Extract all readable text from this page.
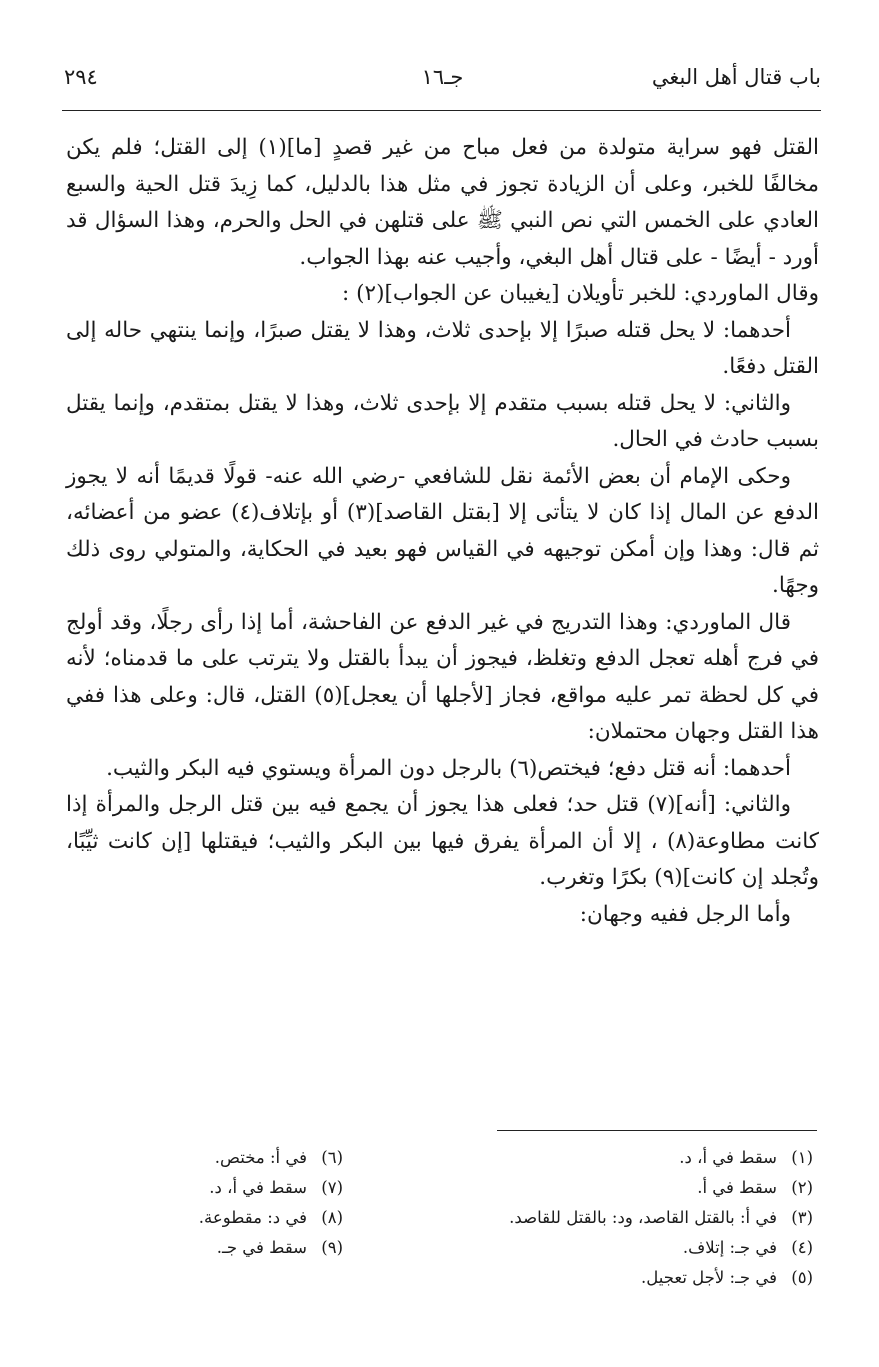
باب قتال أهل البغي
جـ١٦
٢٩٤

القتل فهو سراية متولدة من فعل مباح من غير قصدٍ [ما](١) إلى القتل؛ فلم يكن مخالفًا للخبر، وعلى أن الزيادة تجوز في مثل هذا بالدليل، كما زِيدَ قتل الحية والسبع العادي على الخمس التي نص النبي ﷺ على قتلهن في الحل والحرم، وهذا السؤال قد أورد - أيضًا - على قتال أهل البغي، وأجيب عنه بهذا الجواب.

وقال الماوردي: للخبر تأويلان [يغيبان عن الجواب](٢) :

أحدهما: لا يحل قتله صبرًا إلا بإحدى ثلاث، وهذا لا يقتل صبرًا، وإنما ينتهي حاله إلى القتل دفعًا.

والثاني: لا يحل قتله بسبب متقدم إلا بإحدى ثلاث، وهذا لا يقتل بمتقدم، وإنما يقتل بسبب حادث في الحال.

وحكى الإمام أن بعض الأئمة نقل للشافعي -رضي الله عنه- قولًا قديمًا أنه لا يجوز الدفع عن المال إذا كان لا يتأتى إلا [بقتل القاصد](٣) أو بإتلاف(٤) عضو من أعضائه، ثم قال: وهذا وإن أمكن توجيهه في القياس فهو بعيد في الحكاية، والمتولي روى ذلك وجهًا.

قال الماوردي: وهذا التدريج في غير الدفع عن الفاحشة، أما إذا رأى رجلًا، وقد أولج في فرج أهله تعجل الدفع وتغلظ، فيجوز أن يبدأ بالقتل ولا يترتب على ما قدمناه؛ لأنه في كل لحظة تمر عليه مواقع، فجاز [لأجلها أن يعجل](٥) القتل، قال: وعلى هذا ففي هذا القتل وجهان محتملان:

أحدهما: أنه قتل دفع؛ فيختص(٦) بالرجل دون المرأة ويستوي فيه البكر والثيب.

والثاني: [أنه](٧) قتل حد؛ فعلى هذا يجوز أن يجمع فيه بين قتل الرجل والمرأة إذا كانت مطاوعة(٨) ، إلا أن المرأة يفرق فيها بين البكر والثيب؛ فيقتلها [إن كانت ثيِّبًا، وتُجلد إن كانت](٩) بكرًا وتغرب.

وأما الرجل ففيه وجهان:

(١)سقط في أ، د.
(٢)سقط في أ.
(٣)في أ: بالقتل القاصد، ود: بالقتل للقاصد.
(٤)في جـ: إتلاف.
(٥)في جـ: لأجل تعجيل.
(٦)في أ: مختص.
(٧)سقط في أ، د.
(٨)في د: مقطوعة.
(٩)سقط في جـ.
